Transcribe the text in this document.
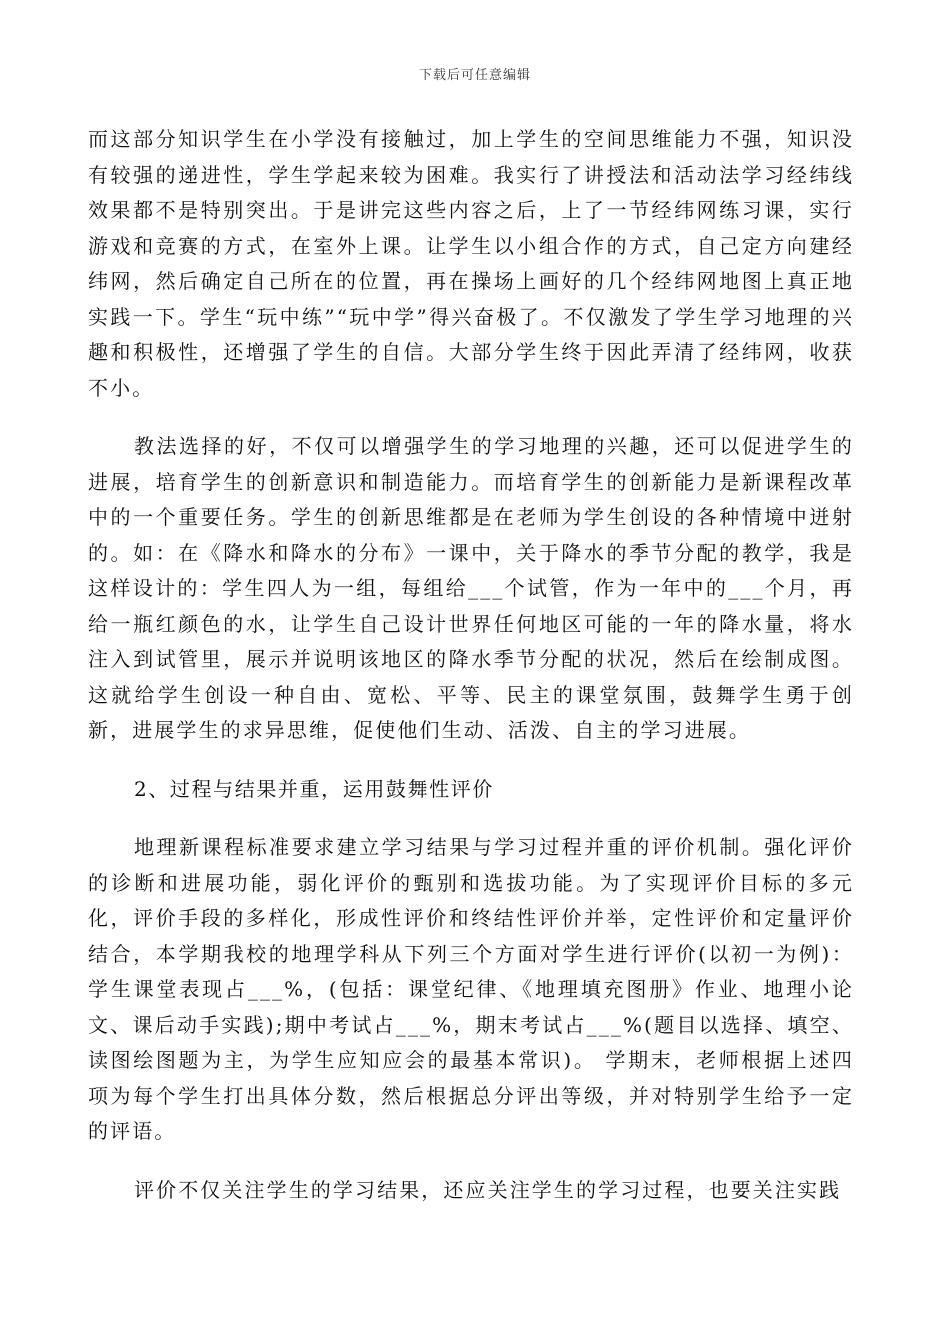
下载后可任意编辑

而这部分知识学生在小学没有接触过，加上学生的空间思维能力不强，知识没有较强的递进性，学生学起来较为困难。我实行了讲授法和活动法学习经纬线效果都不是特别突出。于是讲完这些内容之后，上了一节经纬网练习课，实行游戏和竞赛的方式，在室外上课。让学生以小组合作的方式，自己定方向建经纬网，然后确定自己所在的位置，再在操场上画好的几个经纬网地图上真正地实践一下。学生“玩中练”“玩中学”得兴奋极了。不仅激发了学生学习地理的兴趣和积极性，还增强了学生的自信。大部分学生终于因此弄清了经纬网，收获不小。

教法选择的好，不仅可以增强学生的学习地理的兴趣，还可以促进学生的进展，培育学生的创新意识和制造能力。而培育学生的创新能力是新课程改革中的一个重要任务。学生的创新思维都是在老师为学生创设的各种情境中迸射的。如：在《降水和降水的分布》一课中，关于降水的季节分配的教学，我是这样设计的：学生四人为一组，每组给___个试管，作为一年中的___个月，再给一瓶红颜色的水，让学生自己设计世界任何地区可能的一年的降水量，将水注入到试管里，展示并说明该地区的降水季节分配的状况，然后在绘制成图。这就给学生创设一种自由、宽松、平等、民主的课堂氛围，鼓舞学生勇于创新，进展学生的求异思维，促使他们生动、活泼、自主的学习进展。

2、过程与结果并重，运用鼓舞性评价

地理新课程标准要求建立学习结果与学习过程并重的评价机制。强化评价的诊断和进展功能，弱化评价的甄别和选拔功能。为了实现评价目标的多元化，评价手段的多样化，形成性评价和终结性评价并举，定性评价和定量评价结合，本学期我校的地理学科从下列三个方面对学生进行评价(以初一为例)：学生课堂表现占___%，(包括：课堂纪律、《地理填充图册》作业、地理小论文、课后动手实践);期中考试占___%，期末考试占___%(题目以选择、填空、读图绘图题为主，为学生应知应会的最基本常识)。 学期末，老师根据上述四项为每个学生打出具体分数，然后根据总分评出等级，并对特别学生给予一定的评语。

评价不仅关注学生的学习结果，还应关注学生的学习过程，也要关注实践
